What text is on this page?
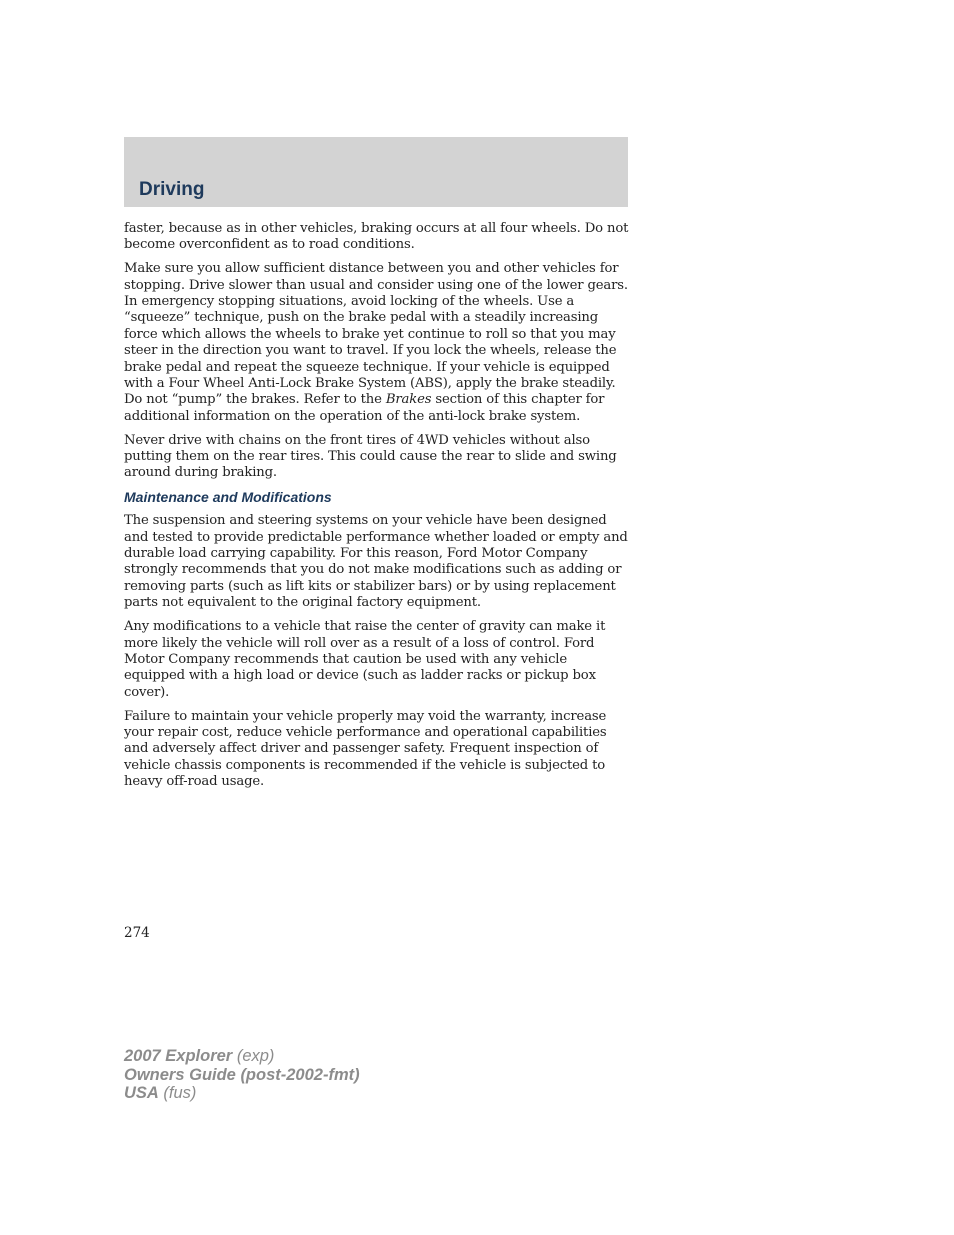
Driving

faster, because as in other vehicles, braking occurs at all four wheels. Do not become overconfident as to road conditions.

Make sure you allow sufficient distance between you and other vehicles for stopping. Drive slower than usual and consider using one of the lower gears. In emergency stopping situations, avoid locking of the wheels. Use a “squeeze” technique, push on the brake pedal with a steadily increasing force which allows the wheels to brake yet continue to roll so that you may steer in the direction you want to travel. If you lock the wheels, release the brake pedal and repeat the squeeze technique. If your vehicle is equipped with a Four Wheel Anti-Lock Brake System (ABS), apply the brake steadily. Do not “pump” the brakes. Refer to the Brakes section of this chapter for additional information on the operation of the anti-lock brake system.

Never drive with chains on the front tires of 4WD vehicles without also putting them on the rear tires. This could cause the rear to slide and swing around during braking.

Maintenance and Modifications

The suspension and steering systems on your vehicle have been designed and tested to provide predictable performance whether loaded or empty and durable load carrying capability. For this reason, Ford Motor Company strongly recommends that you do not make modifications such as adding or removing parts (such as lift kits or stabilizer bars) or by using replacement parts not equivalent to the original factory equipment.

Any modifications to a vehicle that raise the center of gravity can make it more likely the vehicle will roll over as a result of a loss of control. Ford Motor Company recommends that caution be used with any vehicle equipped with a high load or device (such as ladder racks or pickup box cover).

Failure to maintain your vehicle properly may void the warranty, increase your repair cost, reduce vehicle performance and operational capabilities and adversely affect driver and passenger safety. Frequent inspection of vehicle chassis components is recommended if the vehicle is subjected to heavy off-road usage.

274

2007 Explorer (exp)
Owners Guide (post-2002-fmt)
USA (fus)
